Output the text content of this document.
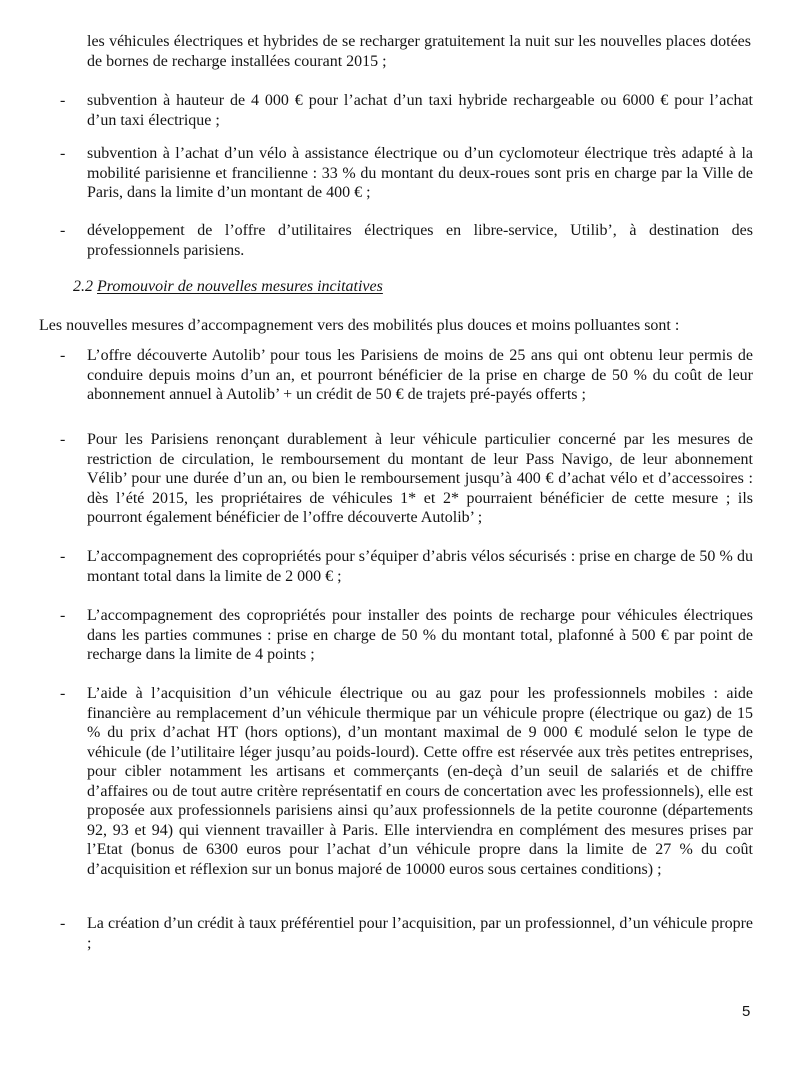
les véhicules électriques et hybrides de se recharger gratuitement la nuit sur les nouvelles places dotées de bornes de recharge installées courant 2015 ;

- subvention à hauteur de 4 000 € pour l’achat d’un taxi hybride rechargeable ou 6000 € pour l’achat d’un taxi électrique ;
- subvention à l’achat d’un vélo à assistance électrique ou d’un cyclomoteur électrique très adapté à la mobilité parisienne et francilienne : 33 % du montant du deux-roues sont pris en charge par la Ville de Paris, dans la limite d’un montant de 400 € ;
- développement de l’offre d’utilitaires électriques en libre-service, Utilib’, à destination des professionnels parisiens.
2.2 Promouvoir de nouvelles mesures incitatives
Les nouvelles mesures d’accompagnement vers des mobilités plus douces et moins polluantes sont :
- L’offre découverte Autolib’ pour tous les Parisiens de moins de 25 ans qui ont obtenu leur permis de conduire depuis moins d’un an, et pourront bénéficier de la prise en charge de 50 % du coût de leur abonnement annuel à Autolib’ + un crédit de 50 € de trajets pré-payés offerts ;
- Pour les Parisiens renonçant durablement à leur véhicule particulier concerné par les mesures de restriction de circulation, le remboursement du montant de leur Pass Navigo, de leur abonnement Vélib’ pour une durée d’un an, ou bien le remboursement jusqu’à 400 € d’achat vélo et d’accessoires : dès l’été 2015, les propriétaires de véhicules 1* et 2* pourraient bénéficier de cette mesure ; ils pourront également bénéficier de l’offre découverte Autolib’ ;
- L’accompagnement des copropriétés pour s’équiper d’abris vélos sécurisés : prise en charge de 50 % du montant total dans la limite de 2 000 € ;
- L’accompagnement des copropriétés pour installer des points de recharge pour véhicules électriques dans les parties communes : prise en charge de 50 % du montant total, plafonné à 500 € par point de recharge dans la limite de 4 points ;
- L’aide à l’acquisition d’un véhicule électrique ou au gaz pour les professionnels mobiles : aide financière au remplacement d’un véhicule thermique par un véhicule propre (électrique ou gaz) de 15 % du prix d’achat HT (hors options), d’un montant maximal de 9 000 € modulé selon le type de véhicule (de l’utilitaire léger jusqu’au poids-lourd). Cette offre est réservée aux très petites entreprises, pour cibler notamment les artisans et commerçants (en-deçà d’un seuil de salariés et de chiffre d’affaires ou de tout autre critère représentatif en cours de concertation avec les professionnels), elle est proposée aux professionnels parisiens ainsi qu’aux professionnels de la petite couronne (départements 92, 93 et 94) qui viennent travailler à Paris. Elle interviendra en complément des mesures prises par l’Etat (bonus de 6300 euros pour l’achat d’un véhicule propre dans la limite de 27 % du coût d’acquisition et réflexion sur un bonus majoré de 10000 euros sous certaines conditions) ;
- La création d’un crédit à taux préférentiel pour l’acquisition, par un professionnel, d’un véhicule propre ;
5
